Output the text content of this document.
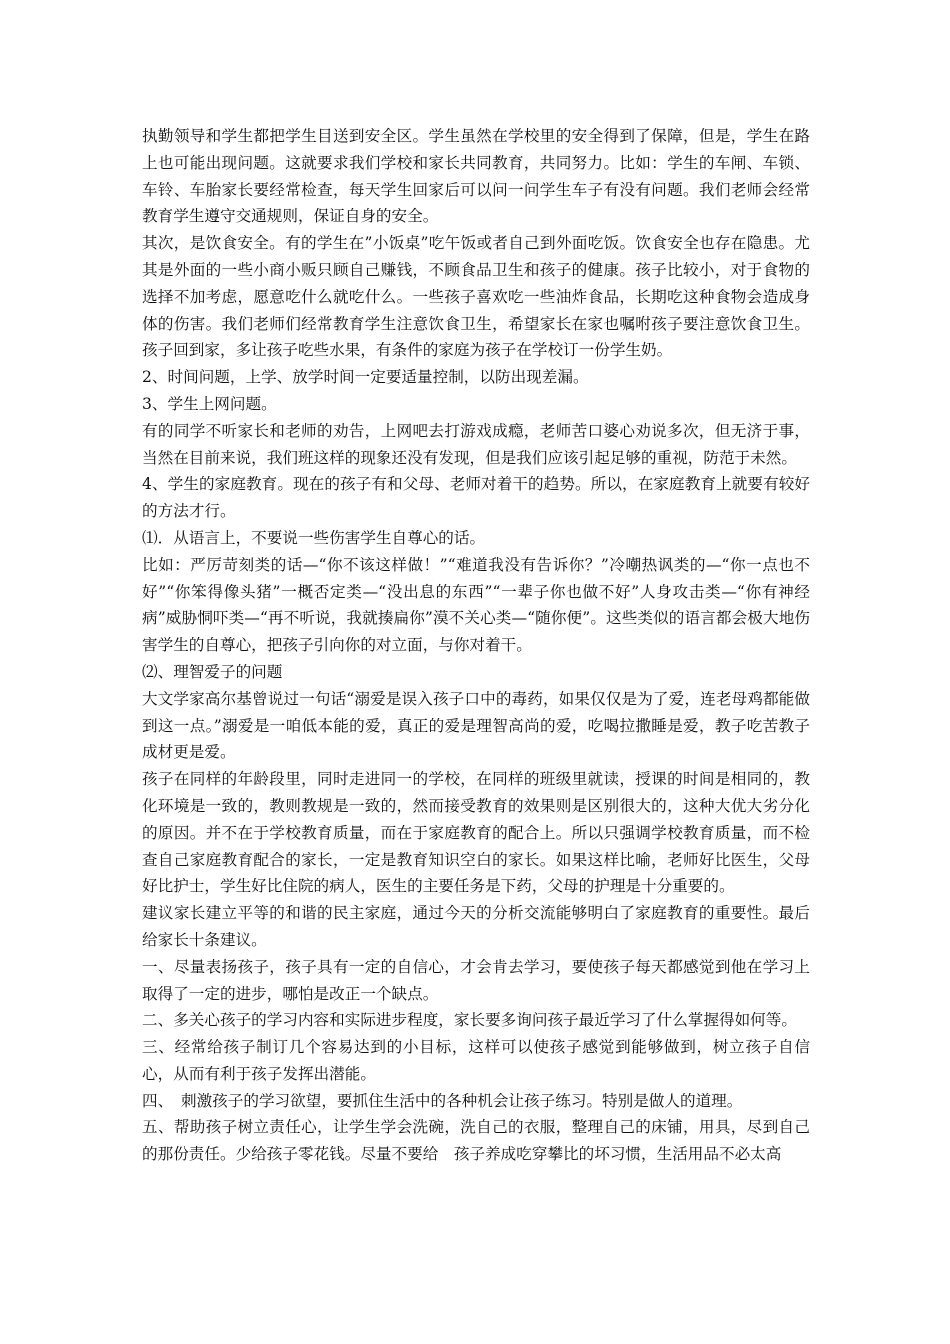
执勤领导和学生都把学生目送到安全区。学生虽然在学校里的安全得到了保障，但是，学生在路上也可能出现问题。这就要求我们学校和家长共同教育，共同努力。比如：学生的车闸、车锁、车铃、车胎家长要经常检查，每天学生回家后可以问一问学生车子有没有问题。我们老师会经常教育学生遵守交通规则，保证自身的安全。

其次，是饮食安全。有的学生在”小饭桌”吃午饭或者自己到外面吃饭。饮食安全也存在隐患。尤其是外面的一些小商小贩只顾自己赚钱，不顾食品卫生和孩子的健康。孩子比较小，对于食物的选择不加考虑，愿意吃什么就吃什么。一些孩子喜欢吃一些油炸食品，长期吃这种食物会造成身体的伤害。我们老师们经常教育学生注意饮食卫生，希望家长在家也嘱咐孩子要注意饮食卫生。孩子回到家，多让孩子吃些水果，有条件的家庭为孩子在学校订一份学生奶。

2、时间问题，上学、放学时间一定要适量控制，以防出现差漏。

3、学生上网问题。

有的同学不听家长和老师的劝告，上网吧去打游戏成瘾，老师苦口婆心劝说多次，但无济于事，当然在目前来说，我们班这样的现象还没有发现，但是我们应该引起足够的重视，防范于未然。

4、学生的家庭教育。现在的孩子有和父母、老师对着干的趋势。所以，在家庭教育上就要有较好的方法才行。

⑴．从语言上，不要说一些伤害学生自尊心的话。

比如：严厉苛刻类的话—“你不该这样做！”“难道我没有告诉你？”冷嘲热讽类的—“你一点也不好”“你笨得像头猪”一概否定类—“没出息的东西”“一辈子你也做不好”人身攻击类—“你有神经病”威胁恫吓类—“再不听说，我就揍扁你”漠不关心类—“随你便”。这些类似的语言都会极大地伤害学生的自尊心，把孩子引向你的对立面，与你对着干。

⑵、理智爱子的问题

大文学家高尔基曾说过一句话“溺爱是误入孩子口中的毒药，如果仅仅是为了爱，连老母鸡都能做到这一点。”溺爱是一咱低本能的爱，真正的爱是理智高尚的爱，吃喝拉撒睡是爱，教子吃苦教子成材更是爱。

孩子在同样的年龄段里，同时走进同一的学校，在同样的班级里就读，授课的时间是相同的，教化环境是一致的，教则教规是一致的，然而接受教育的效果则是区别很大的，这种大优大劣分化的原因。并不在于学校教育质量，而在于家庭教育的配合上。所以只强调学校教育质量，而不检查自己家庭教育配合的家长，一定是教育知识空白的家长。如果这样比喻，老师好比医生，父母好比护士，学生好比住院的病人，医生的主要任务是下药，父母的护理是十分重要的。

建议家长建立平等的和谐的民主家庭，通过今天的分析交流能够明白了家庭教育的重要性。最后给家长十条建议。

一、尽量表扬孩子，孩子具有一定的自信心，才会肯去学习，要使孩子每天都感觉到他在学习上取得了一定的进步，哪怕是改正一个缺点。

二、多关心孩子的学习内容和实际进步程度，家长要多询问孩子最近学习了什么掌握得如何等。

三、经常给孩子制订几个容易达到的小目标，这样可以使孩子感觉到能够做到，树立孩子自信心，从而有利于孩子发挥出潜能。

四、　刺激孩子的学习欲望，要抓住生活中的各种机会让孩子练习。特别是做人的道理。

五、帮助孩子树立责任心，让学生学会洗碗，洗自己的衣服，整理自己的床铺，用具，尽到自己的那份责任。少给孩子零花钱。尽量不要给　孩子养成吃穿攀比的坏习惯，生活用品不必太高
